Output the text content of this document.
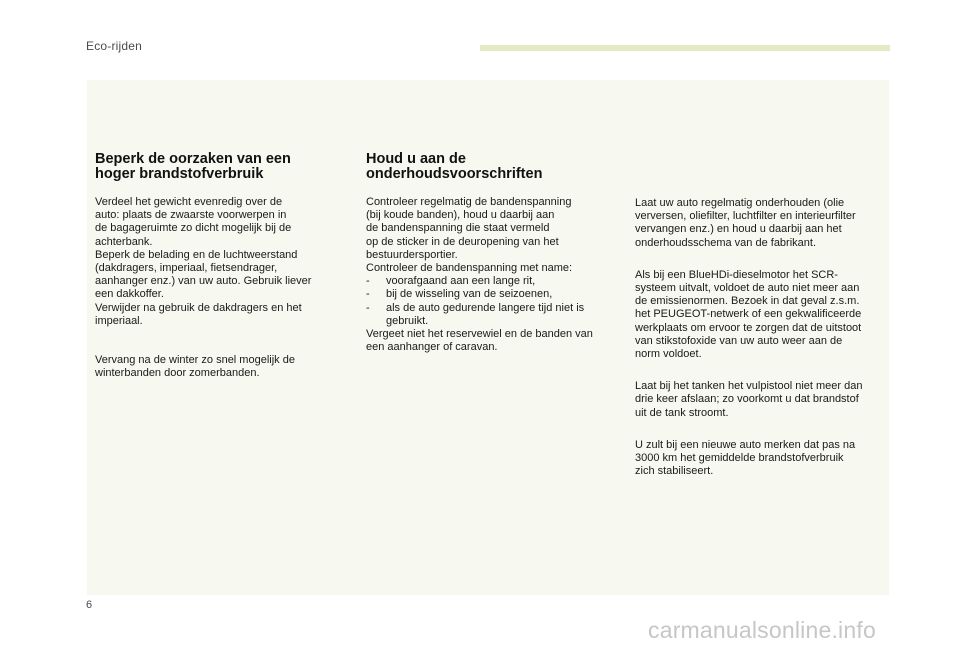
Eco-rijden
Beperk de oorzaken van een
hoger brandstofverbruik

Verdeel het gewicht evenredig over de
auto: plaats de zwaarste voorwerpen in
de bagageruimte zo dicht mogelijk bij de
achterbank.
Beperk de belading en de luchtweerstand
(dakdragers, imperiaal, fietsendrager,
aanhanger enz.) van uw auto. Gebruik liever
een dakkoffer.
Verwijder na gebruik de dakdragers en het
imperiaal.

Vervang na de winter zo snel mogelijk de
winterbanden door zomerbanden.

Houd u aan de
onderhoudsvoorschriften

Controleer regelmatig de bandenspanning
(bij koude banden), houd u daarbij aan
de bandenspanning die staat vermeld
op de sticker in de deuropening van het
bestuurdersportier.
Controleer de bandenspanning met name:

-	voorafgaand aan een lange rit,
-	bij de wisseling van de seizoenen,
-	als de auto gedurende langere tijd niet is
gebruikt.

Vergeet niet het reservewiel en de banden van
een aanhanger of caravan.

Laat uw auto regelmatig onderhouden (olie
verversen, oliefilter, luchtfilter en interieurfilter
vervangen enz.) en houd u daarbij aan het
onderhoudsschema van de fabrikant.

Als bij een BlueHDi-dieselmotor het SCR-
systeem uitvalt, voldoet de auto niet meer aan
de emissienormen. Bezoek in dat geval z.s.m.
het PEUGEOT-netwerk of een gekwalificeerde
werkplaats om ervoor te zorgen dat de uitstoot
van stikstofoxide van uw auto weer aan de
norm voldoet.

Laat bij het tanken het vulpistool niet meer dan
drie keer afslaan; zo voorkomt u dat brandstof
uit de tank stroomt.

U zult bij een nieuwe auto merken dat pas na
3000 km het gemiddelde brandstofverbruik
zich stabiliseert.

6
carmanualsonline.info
